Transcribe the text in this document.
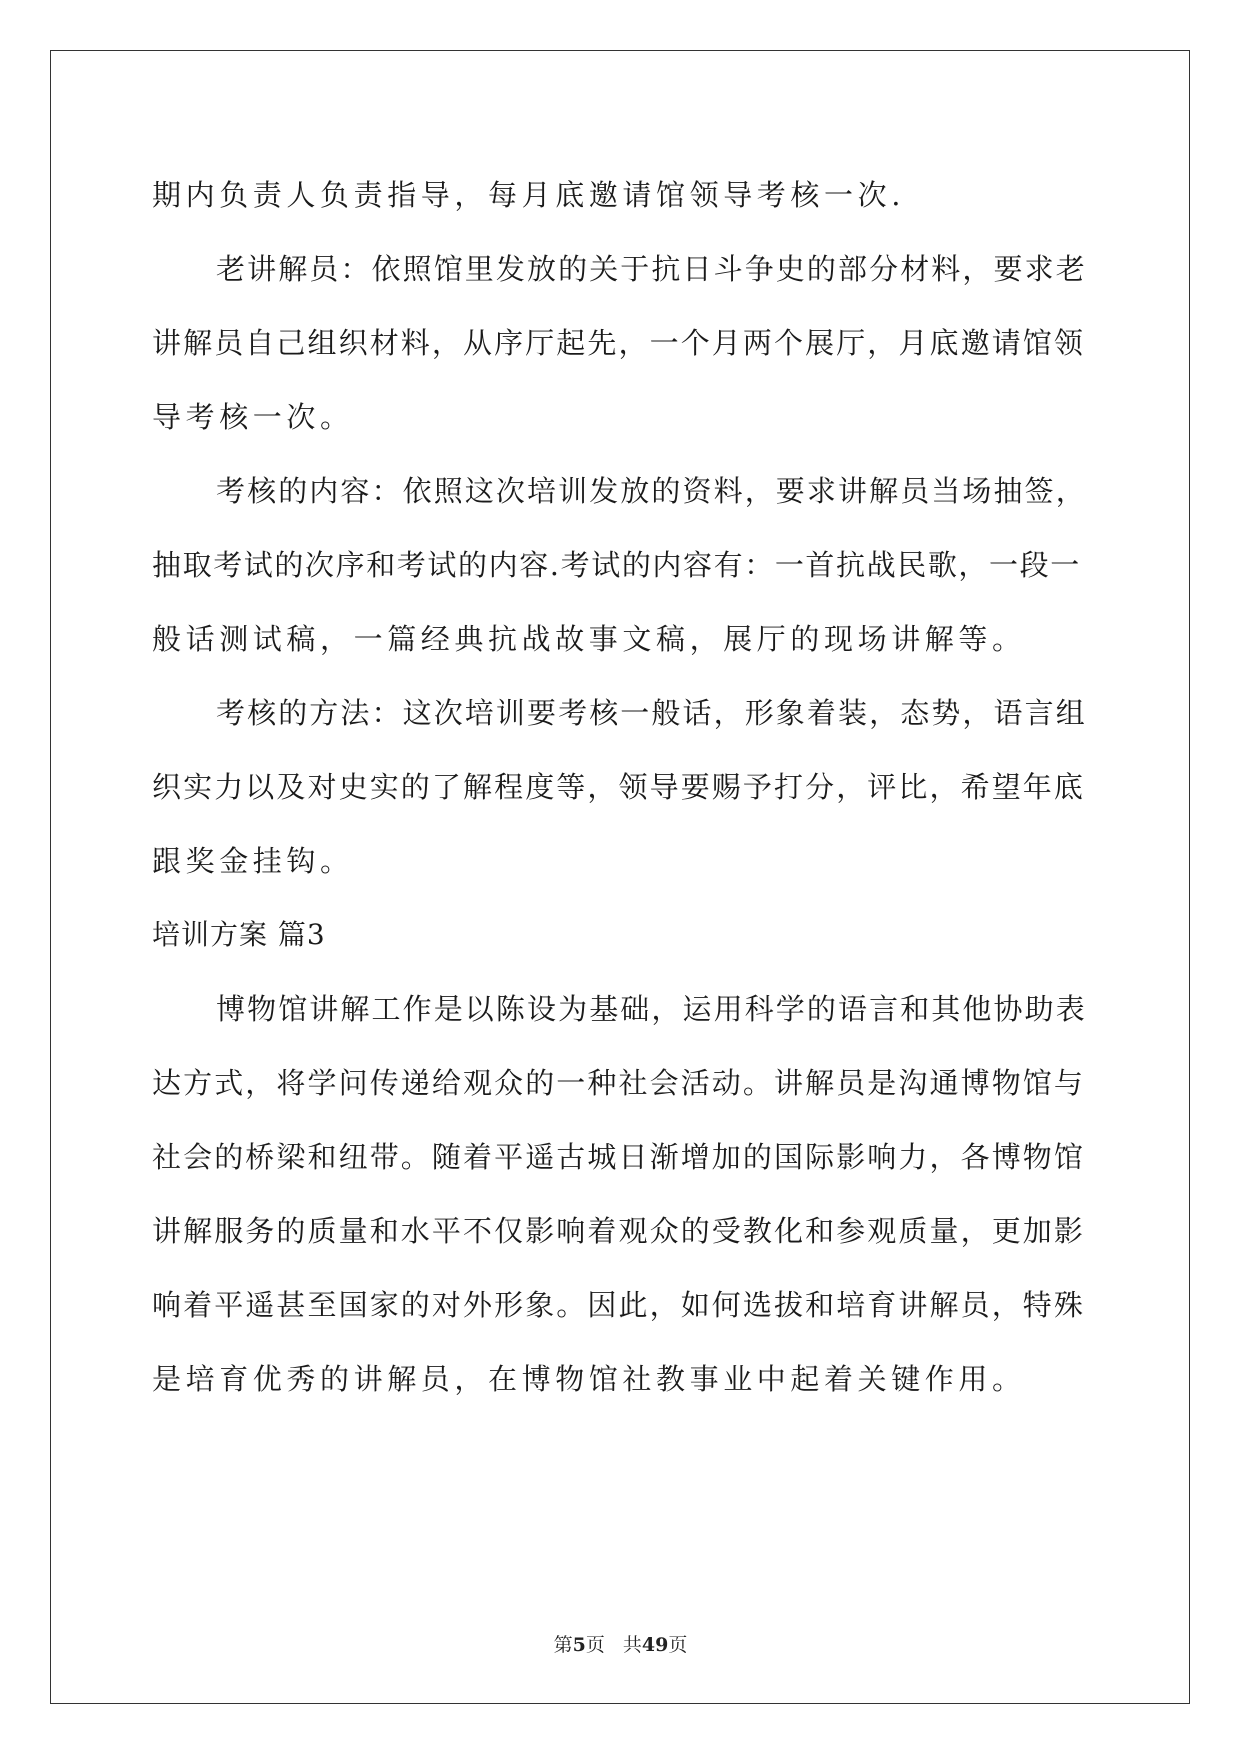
期内负责人负责指导，每月底邀请馆领导考核一次.
老讲解员：依照馆里发放的关于抗日斗争史的部分材料，要求老
讲解员自己组织材料，从序厅起先，一个月两个展厅，月底邀请馆领
导考核一次。
考核的内容：依照这次培训发放的资料，要求讲解员当场抽签，
抽取考试的次序和考试的内容.考试的内容有：一首抗战民歌，一段一
般话测试稿，一篇经典抗战故事文稿，展厅的现场讲解等。
考核的方法：这次培训要考核一般话，形象着装，态势，语言组
织实力以及对史实的了解程度等，领导要赐予打分，评比，希望年底
跟奖金挂钩。
培训方案 篇3
博物馆讲解工作是以陈设为基础，运用科学的语言和其他协助表
达方式，将学问传递给观众的一种社会活动。讲解员是沟通博物馆与
社会的桥梁和纽带。随着平遥古城日渐增加的国际影响力，各博物馆
讲解服务的质量和水平不仅影响着观众的受教化和参观质量，更加影
响着平遥甚至国家的对外形象。因此，如何选拔和培育讲解员，特殊
是培育优秀的讲解员，在博物馆社教事业中起着关键作用。
第5页 共49页
